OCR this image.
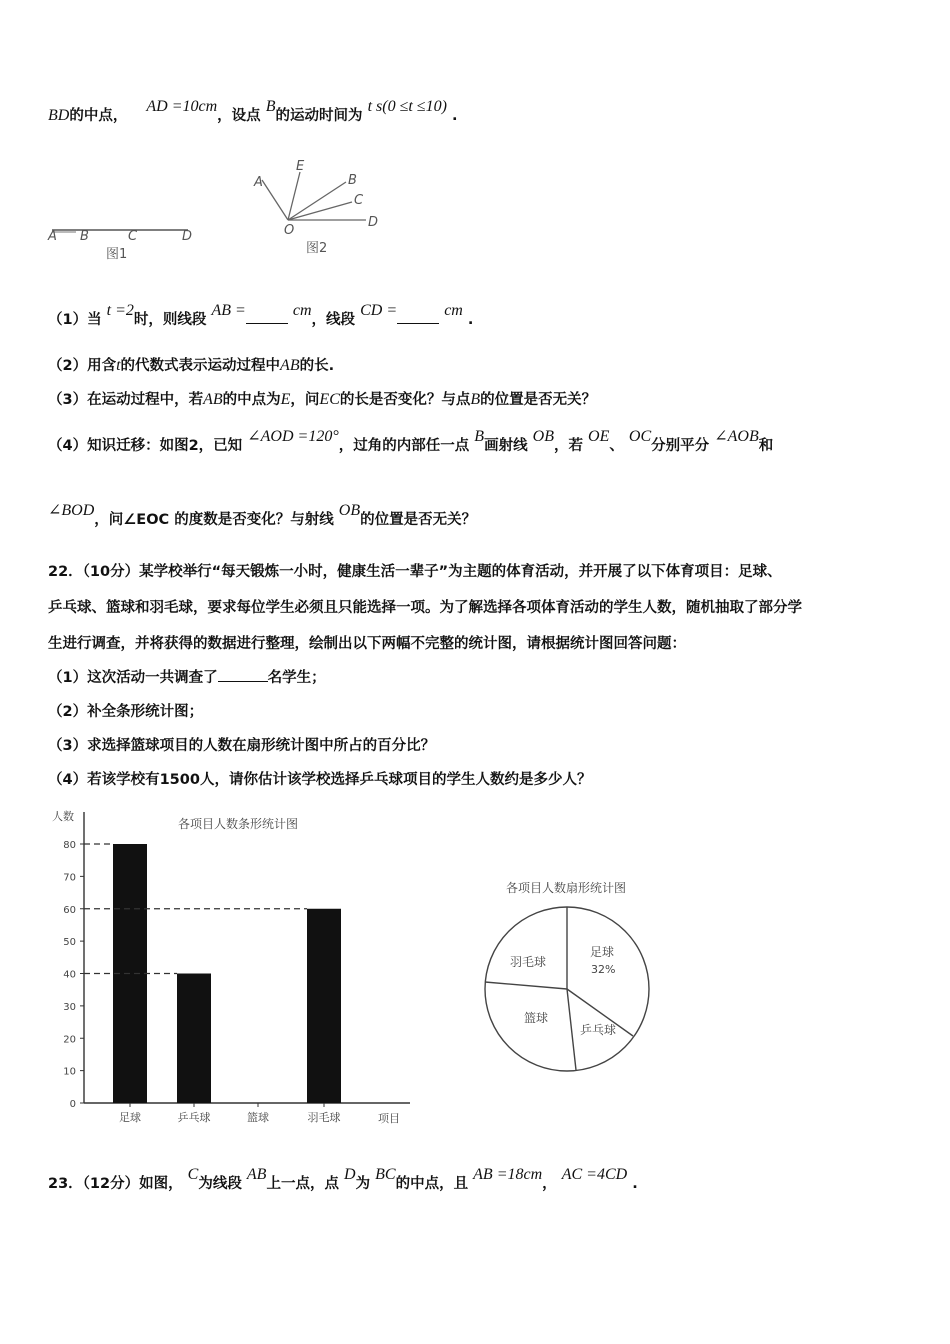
BD的中点， AD =10cm，设点 B的运动时间为 t s(0 ≤t ≤10) .
A B	C	D
图1
A
E
B
C
D
O
图2
（1）当 t =2时，则线段 AB =	cm，线段 CD =	cm .
（2）用含t的代数式表示运动过程中AB的长.
（3）在运动过程中，若AB的中点为E，问EC的长是否变化？与点B的位置是否无关？
（4）知识迁移：如图2，已知 ∠AOD =120°，过角的内部任一点 B画射线 OB，若 OE、 OC分别平分 ∠AOB和
∠BOD，问∠EOC 的度数是否变化？与射线 OB的位置是否无关？
22．（10分）某学校举行“每天锻炼一小时，健康生活一辈子”为主题的体育活动，并开展了以下体育项目：足球、
乒乓球、篮球和羽毛球，要求每位学生必须且只能选择一项。为了解选择各项体育活动的学生人数，随机抽取了部分学
生进行调查，并将获得的数据进行整理，绘制出以下两幅不完整的统计图，请根据统计图回答问题：
（1）这次活动一共调查了	名学生；
（2）补全条形统计图；
（3）求选择篮球项目的人数在扇形统计图中所占的百分比？
（4）若该学校有1500人，请你估计该学校选择乒乓球项目的学生人数约是多少人？
各项目人数条形统计图
人数
项目
0
10
20
30
40
50
60
70
80
足球	乒乓球	篮球	羽毛球
各项目人数扇形统计图
足球
32%
乒乓球
篮球
羽毛球
23．（12分）如图， C为线段 AB上一点，点 D为 BC的中点，且 AB =18cm， AC =4CD .
